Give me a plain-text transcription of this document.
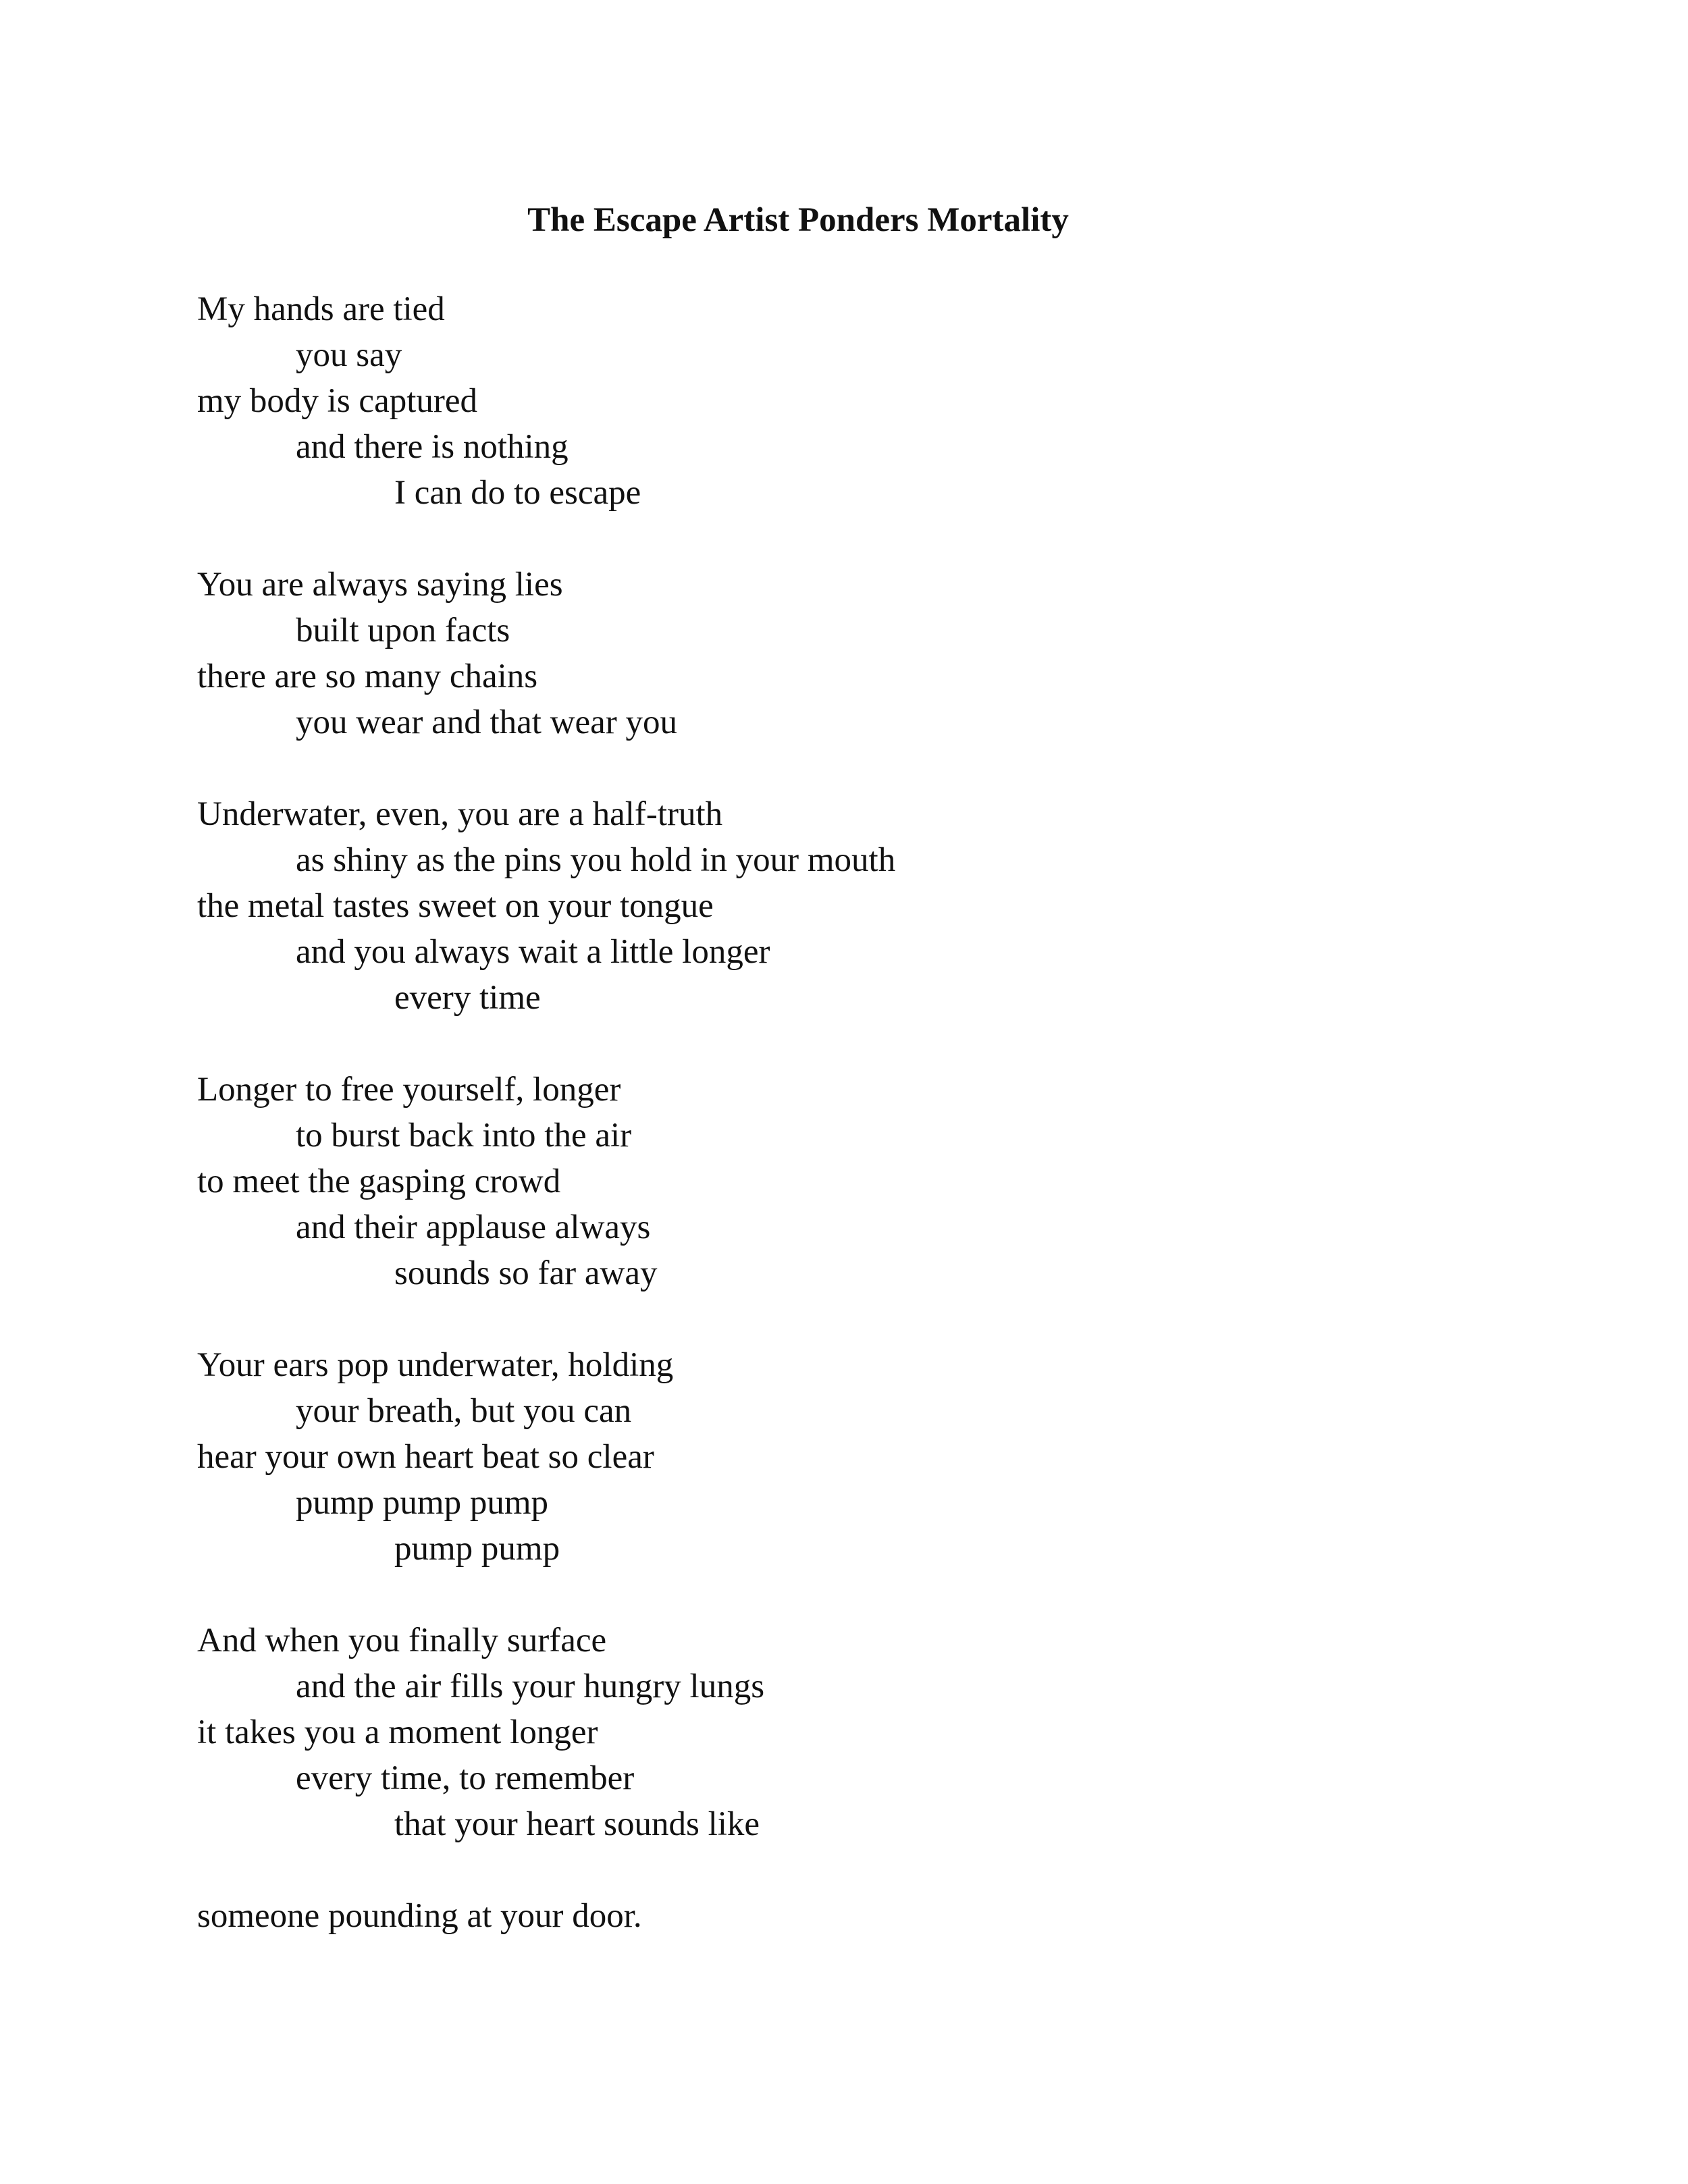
The Escape Artist Ponders Mortality
My hands are tied
you say
my body is captured
and there is nothing
I can do to escape
You are always saying lies
built upon facts
there are so many chains
you wear and that wear you
Underwater, even, you are a half-truth
as shiny as the pins you hold in your mouth
the metal tastes sweet on your tongue
and you always wait a little longer
every time
Longer to free yourself, longer
to burst back into the air
to meet the gasping crowd
and their applause always
sounds so far away
Your ears pop underwater, holding
your breath, but you can
hear your own heart beat so clear
pump pump pump
pump pump
And when you finally surface
and the air fills your hungry lungs
it takes you a moment longer
every time, to remember
that your heart sounds like
someone pounding at your door.
